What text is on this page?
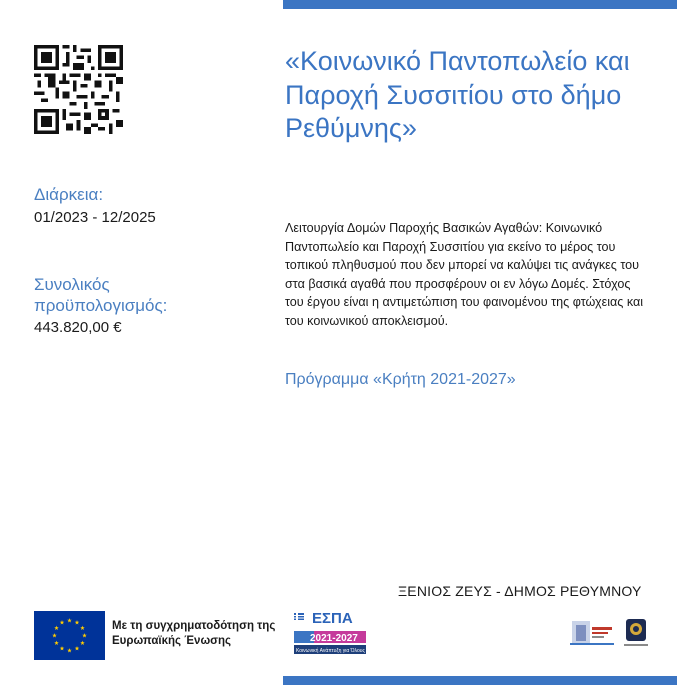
Διάρκεια:
01/2023 - 12/2025
Συνολικός προϋπολογισμός:
443.820,00 €
«Κοινωνικό Παντοπωλείο και Παροχή Συσσιτίου στο δήμο Ρεθύμνης»
Λειτουργία Δομών Παροχής Βασικών Αγαθών: Κοινωνικό Παντοπωλείο και Παροχή Συσσιτίου για εκείνο το μέρος του τοπικού πληθυσμού που δεν μπορεί να καλύψει τις ανάγκες του στα βασικά αγαθά που προσφέρουν οι εν λόγω Δομές. Στόχος του έργου είναι η αντιμετώπιση του φαινομένου της φτώχειας και του κοινωνικού αποκλεισμού.
Πρόγραμμα «Κρήτη 2021-2027»
ΞΕΝΙΟΣ ΖΕΥΣ - ΔΗΜΟΣ ΡΕΘΥΜΝΟΥ
Με τη συγχρηματοδότηση της Ευρωπαϊκής Ένωσης
ΕΣΠΑ
2021-2027
Κοινωνική Ανάπτυξη για Όλους
